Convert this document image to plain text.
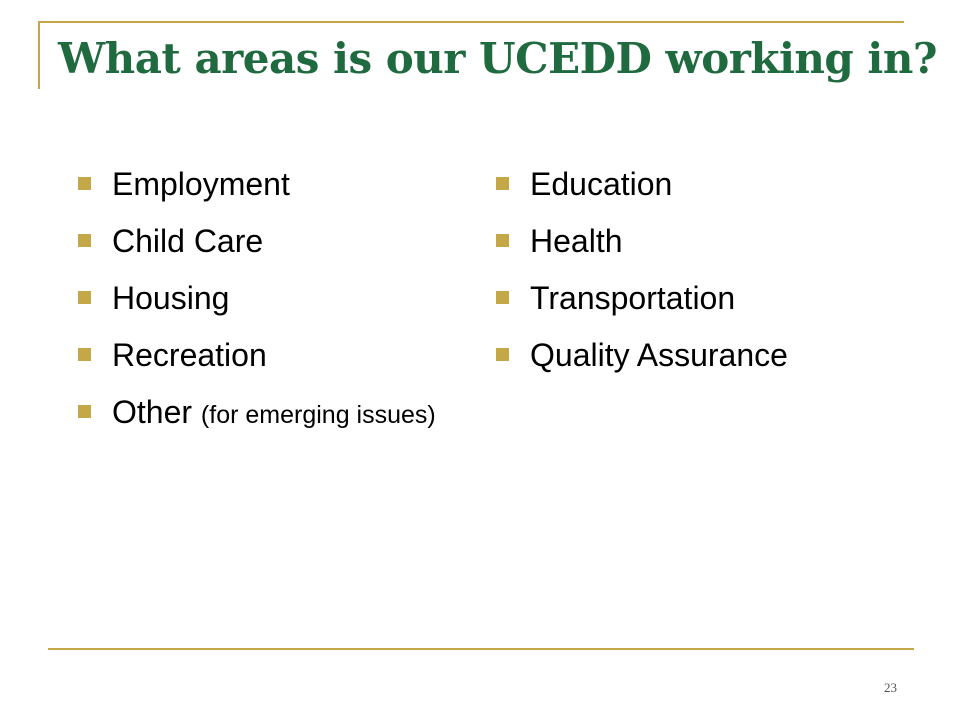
What areas is our UCEDD working in?
Employment
Child Care
Housing
Recreation
Other (for emerging issues)
Education
Health
Transportation
Quality Assurance
23
